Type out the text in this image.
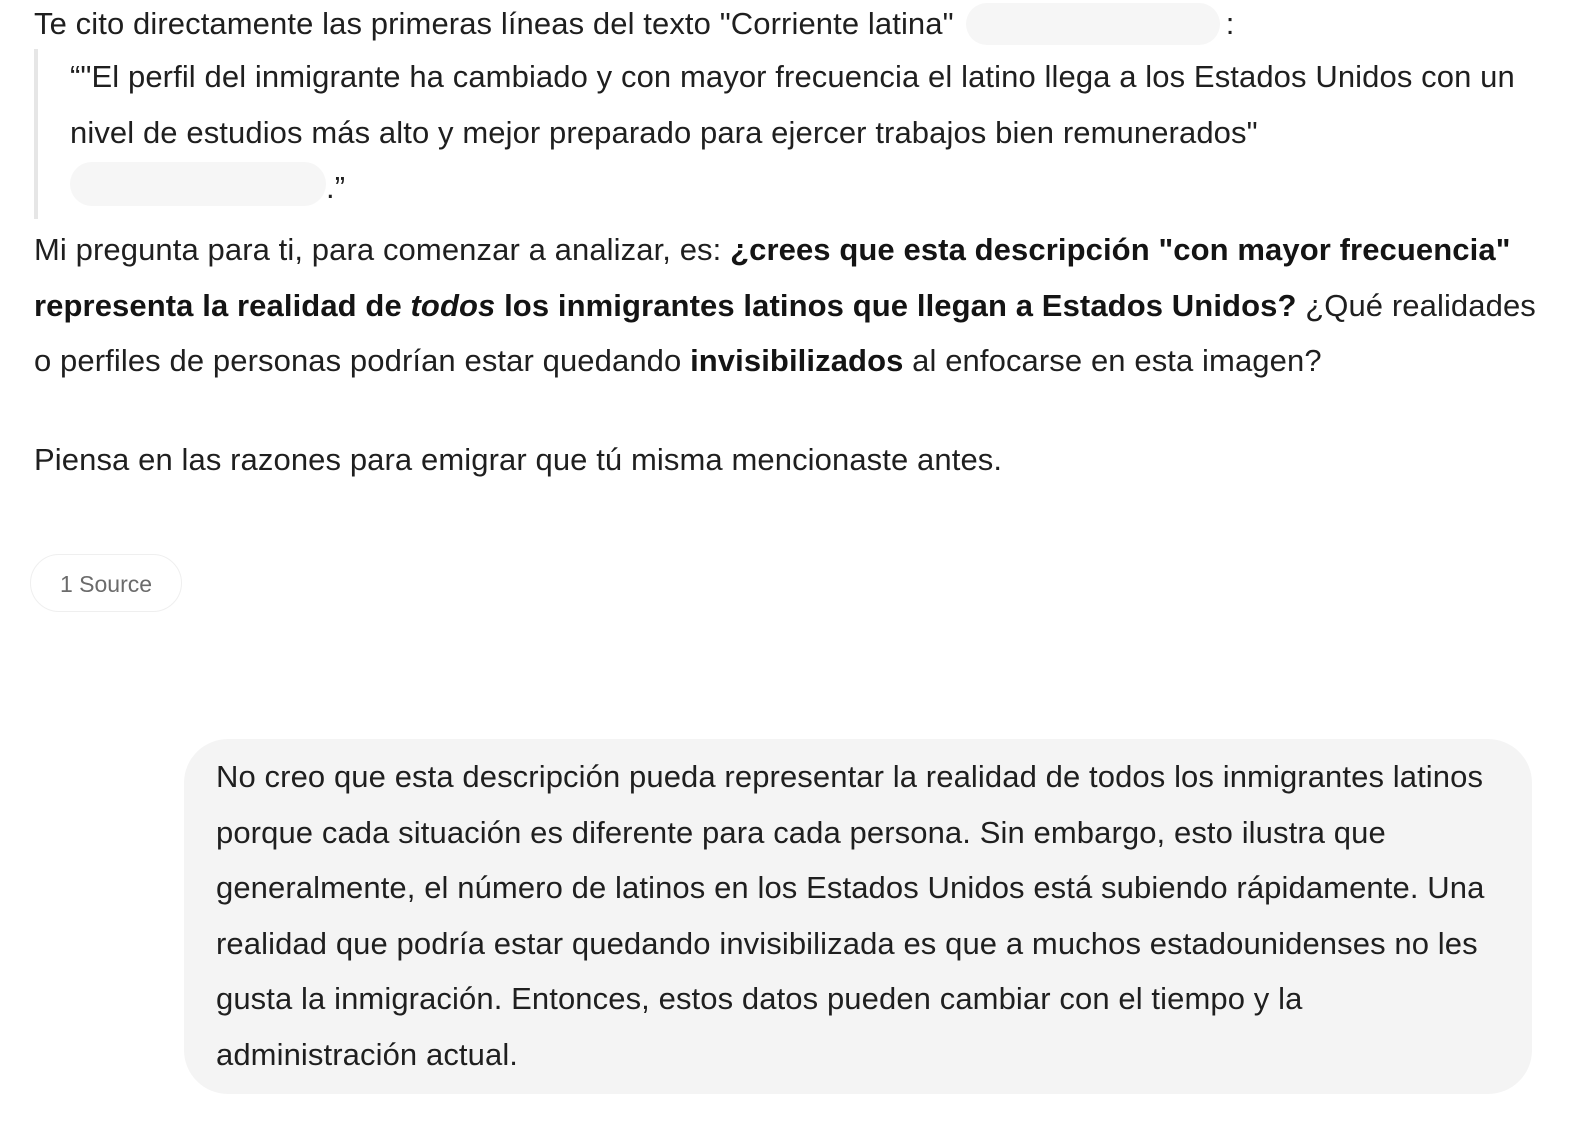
Te cito directamente las primeras líneas del texto "Corriente latina"	:

“"El perfil del inmigrante ha cambiado y con mayor frecuencia el latino llega a los Estados Unidos con un nivel de estudios más alto y mejor preparado para ejercer trabajos bien remunerados"

.”

Mi pregunta para ti, para comenzar a analizar, es: ¿crees que esta descripción "con mayor frecuencia" representa la realidad de todos los inmigrantes latinos que llegan a Estados Unidos? ¿Qué realidades o perfiles de personas podrían estar quedando invisibilizados al enfocarse en esta imagen?

Piensa en las razones para emigrar que tú misma mencionaste antes.

1 Source

No creo que esta descripción pueda representar la realidad de todos los inmigrantes latinos porque cada situación es diferente para cada persona. Sin embargo, esto ilustra que generalmente, el número de latinos en los Estados Unidos está subiendo rápidamente. Una realidad que podría estar quedando invisibilizada es que a muchos estadounidenses no les gusta la inmigración. Entonces, estos datos pueden cambiar con el tiempo y la administración actual.
